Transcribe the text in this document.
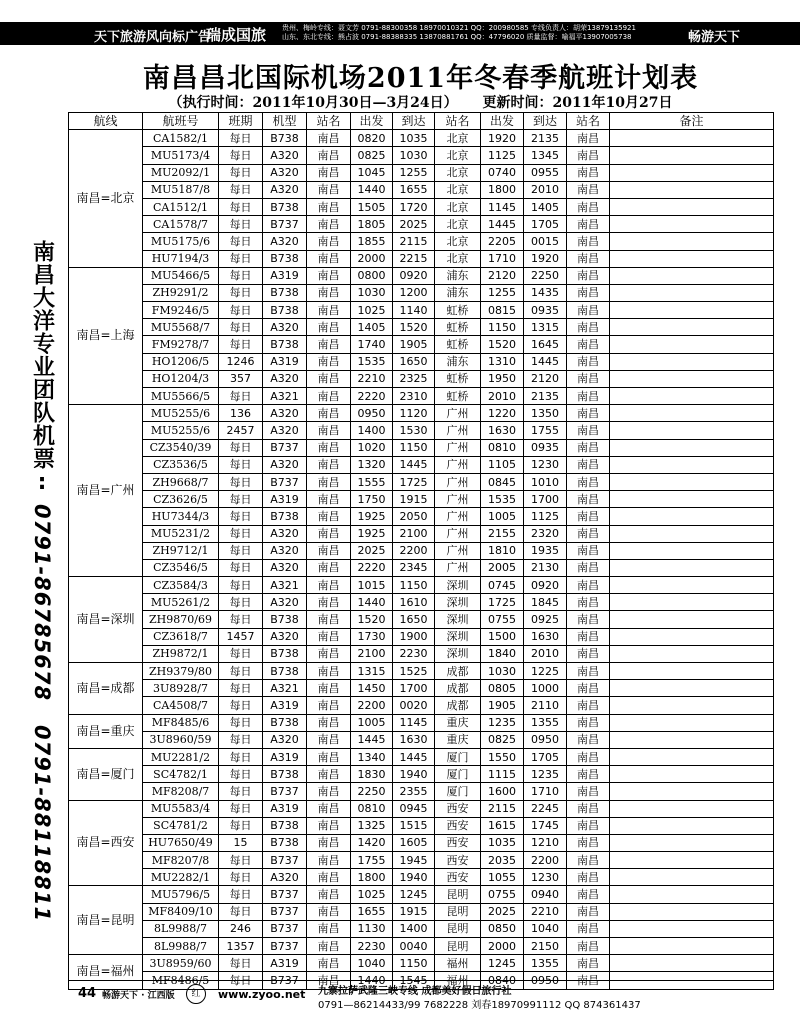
天下旅游风向标广告
瑞成国旅 贵州、梅岭专线：聂文芳 0791-88300358 18970010321 QQ：200980585 专线负责人：胡荣13879135921
山东、东北专线：熊占波 0791-88388335 13870881761 QQ：47796020 质量监督：喻福平13907005738	畅游天下
南昌昌北国际机场2011年冬春季航班计划表
（执行时间：2011年10月30日—3月24日） 更新时间：2011年10月27日
南昌大洋专业团队机票:
0791-86785678
0791-88118811
航线	航班号	班期	机型	站名	出发	到达	站名	出发	到达	站名	备注
南昌=北京	CA1582/1	每日	B738	南昌	0820	1035	北京	1920	2135	南昌	
	MU5173/4	每日	A320	南昌	0825	1030	北京	1125	1345	南昌	
	MU2092/1	每日	A320	南昌	1045	1255	北京	0740	0955	南昌	
	MU5187/8	每日	A320	南昌	1440	1655	北京	1800	2010	南昌	
	CA1512/1	每日	B738	南昌	1505	1720	北京	1145	1405	南昌	
	CA1578/7	每日	B737	南昌	1805	2025	北京	1445	1705	南昌	
	MU5175/6	每日	A320	南昌	1855	2115	北京	2205	0015	南昌	
	HU7194/3	每日	B738	南昌	2000	2215	北京	1710	1920	南昌	
南昌=上海	MU5466/5	每日	A319	南昌	0800	0920	浦东	2120	2250	南昌	
	ZH9291/2	每日	B738	南昌	1030	1200	浦东	1255	1435	南昌	
	FM9246/5	每日	B738	南昌	1025	1140	虹桥	0815	0935	南昌	
	MU5568/7	每日	A320	南昌	1405	1520	虹桥	1150	1315	南昌	
	FM9278/7	每日	B738	南昌	1740	1905	虹桥	1520	1645	南昌	
	HO1206/5	1246	A319	南昌	1535	1650	浦东	1310	1445	南昌	
	HO1204/3	357	A320	南昌	2210	2325	虹桥	1950	2120	南昌	
	MU5566/5	每日	A321	南昌	2220	2310	虹桥	2010	2135	南昌	
南昌=广州	MU5255/6	136	A320	南昌	0950	1120	广州	1220	1350	南昌	
	MU5255/6	2457	A320	南昌	1400	1530	广州	1630	1755	南昌	
	CZ3540/39	每日	B737	南昌	1020	1150	广州	0810	0935	南昌	
	CZ3536/5	每日	A320	南昌	1320	1445	广州	1105	1230	南昌	
	ZH9668/7	每日	B737	南昌	1555	1725	广州	0845	1010	南昌	
	CZ3626/5	每日	A319	南昌	1750	1915	广州	1535	1700	南昌	
	HU7344/3	每日	B738	南昌	1925	2050	广州	1005	1125	南昌	
	MU5231/2	每日	A320	南昌	1925	2100	广州	2155	2320	南昌	
	ZH9712/1	每日	A320	南昌	2025	2200	广州	1810	1935	南昌	
	CZ3546/5	每日	A320	南昌	2220	2345	广州	2005	2130	南昌	
南昌=深圳	CZ3584/3	每日	A321	南昌	1015	1150	深圳	0745	0920	南昌	
	MU5261/2	每日	A320	南昌	1440	1610	深圳	1725	1845	南昌	
	ZH9870/69	每日	B738	南昌	1520	1650	深圳	0755	0925	南昌	
	CZ3618/7	1457	A320	南昌	1730	1900	深圳	1500	1630	南昌	
	ZH9872/1	每日	B738	南昌	2100	2230	深圳	1840	2010	南昌	
南昌=成都	ZH9379/80	每日	B738	南昌	1315	1525	成都	1030	1225	南昌	
	3U8928/7	每日	A321	南昌	1450	1700	成都	0805	1000	南昌	
	CA4508/7	每日	A319	南昌	2200	0020	成都	1905	2110	南昌	
南昌=重庆	MF8485/6	每日	B738	南昌	1005	1145	重庆	1235	1355	南昌	
	3U8960/59	每日	A320	南昌	1445	1630	重庆	0825	0950	南昌	
南昌=厦门	MU2281/2	每日	A319	南昌	1340	1445	厦门	1550	1705	南昌	
	SC4782/1	每日	B738	南昌	1830	1940	厦门	1115	1235	南昌	
	MF8208/7	每日	B737	南昌	2250	2355	厦门	1600	1710	南昌	
南昌=西安	MU5583/4	每日	A319	南昌	0810	0945	西安	2115	2245	南昌	
	SC4781/2	每日	B738	南昌	1325	1515	西安	1615	1745	南昌	
	HU7650/49	15	B738	南昌	1420	1605	西安	1035	1210	南昌	
	MF8207/8	每日	B737	南昌	1755	1945	西安	2035	2200	南昌	
	MU2282/1	每日	A320	南昌	1800	1940	西安	1055	1230	南昌	
南昌=昆明	MU5796/5	每日	B737	南昌	1025	1245	昆明	0755	0940	南昌	
	MF8409/10	每日	B737	南昌	1655	1915	昆明	2025	2210	南昌	
	8L9988/7	246	B737	南昌	1130	1400	昆明	0850	1040	南昌	
	8L9988/7	1357	B737	南昌	2230	0040	昆明	2000	2150	南昌	
南昌=福州	3U8959/60	每日	A319	南昌	1040	1150	福州	1245	1355	南昌	
	MF8486/5	每日	B737	南昌	1440	1545	福州	0840	0950	南昌	
44 畅游天下 · 江西版	红	www.zyoo.net 九寨拉萨武隆三峡专线 成都美好假日旅行社
0791—86214433/99 7682228 刘春18970991112 QQ 874361437
